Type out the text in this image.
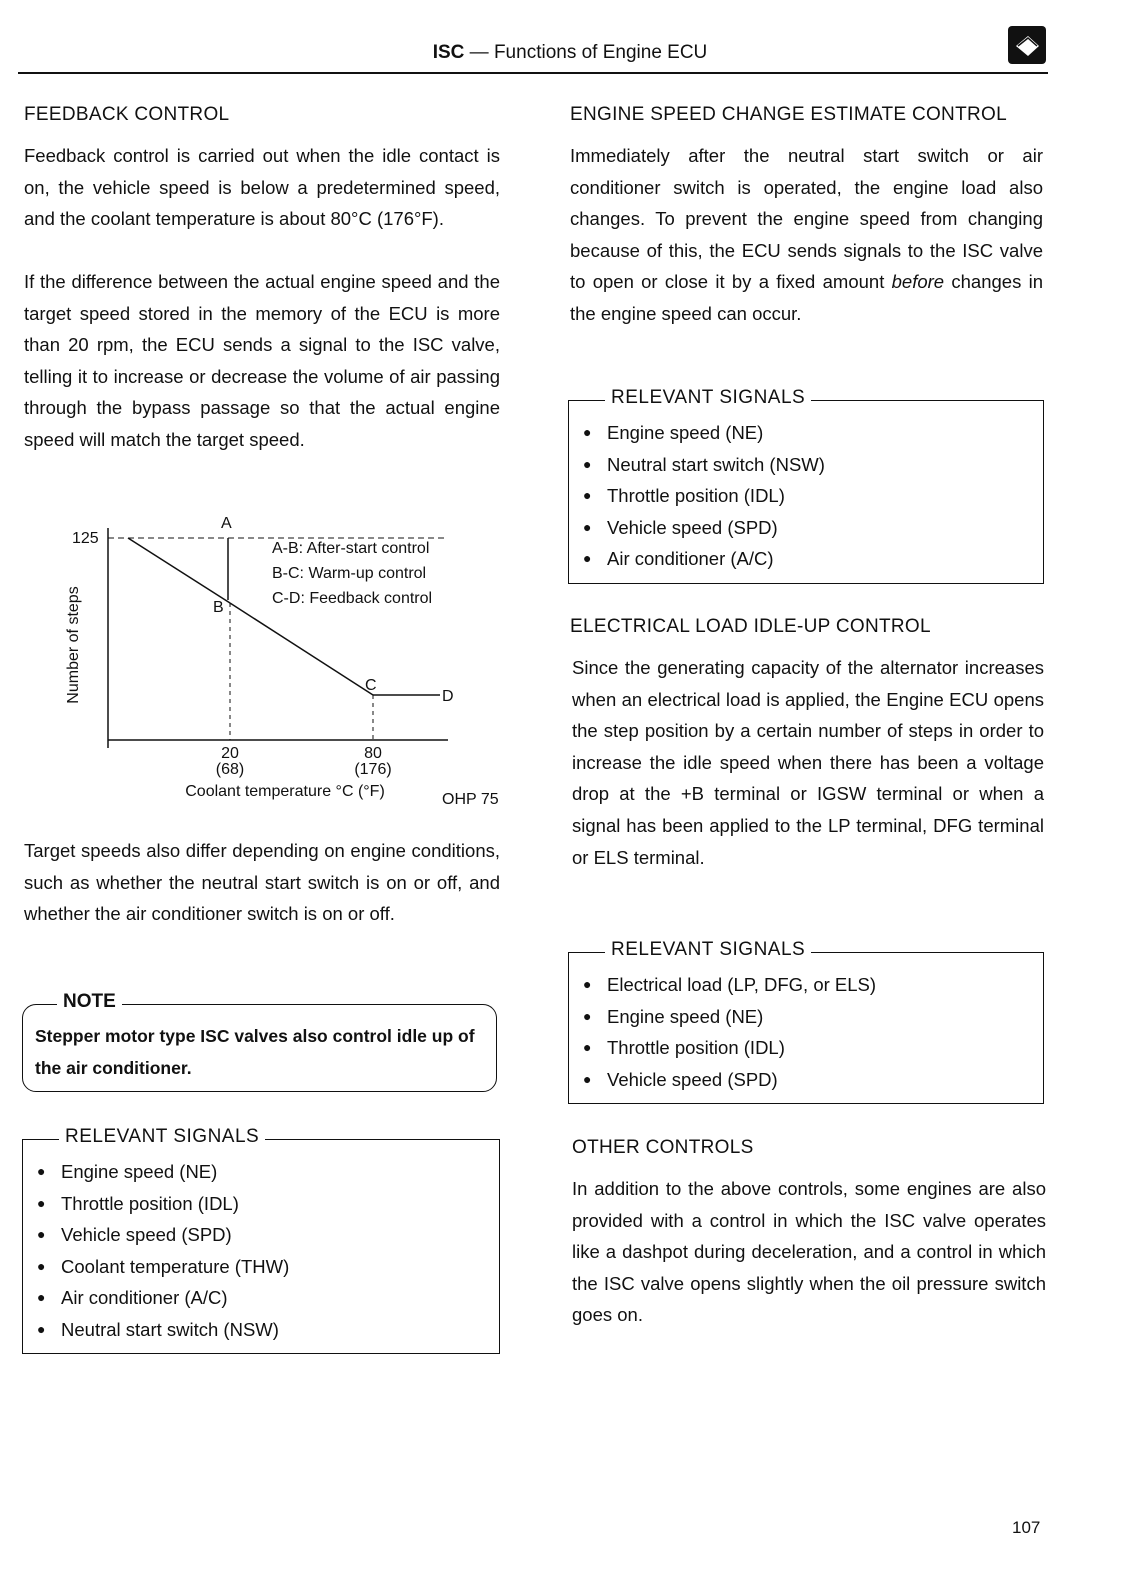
ISC — Functions of Engine ECU
FEEDBACK CONTROL
Feedback control is carried out when the idle contact is on, the vehicle speed is below a predetermined speed, and the coolant temperature is about 80°C (176°F).
If the difference between the actual engine speed and the target speed stored in the memory of the ECU is more than 20 rpm, the ECU sends a signal to the ISC valve, telling it to increase or decrease the volume of air passing through the bypass passage so that the actual engine speed will match the target speed.
125
A
B
C
D
A-B: After-start control
B-C: Warm-up control
C-D: Feedback control
20
(68)
80
(176)
Coolant temperature °C (°F)	OHP 75
Number of steps
Target speeds also differ depending on engine conditions, such as whether the neutral start switch is on or off, and whether the air conditioner switch is on or off.
NOTE
Stepper motor type ISC valves also control idle up of the air conditioner.
RELEVANT SIGNALS
● Engine speed (NE)
● Throttle position (IDL)
● Vehicle speed (SPD)
● Coolant temperature (THW)
● Air conditioner (A/C)
● Neutral start switch (NSW)
ENGINE SPEED CHANGE ESTIMATE CONTROL
Immediately after the neutral start switch or air conditioner switch is operated, the engine load also changes. To prevent the engine speed from changing because of this, the ECU sends signals to the ISC valve to open or close it by a fixed amount before changes in the engine speed can occur.
RELEVANT SIGNALS
● Engine speed (NE)
● Neutral start switch (NSW)
● Throttle position (IDL)
● Vehicle speed (SPD)
● Air conditioner (A/C)
ELECTRICAL LOAD IDLE-UP CONTROL
Since the generating capacity of the alternator increases when an electrical load is applied, the Engine ECU opens the step position by a certain number of steps in order to increase the idle speed when there has been a voltage drop at the +B terminal or IGSW terminal or when a signal has been applied to the LP terminal, DFG terminal or ELS terminal.
RELEVANT SIGNALS
● Electrical load (LP, DFG, or ELS)
● Engine speed (NE)
● Throttle position (IDL)
● Vehicle speed (SPD)
OTHER CONTROLS
In addition to the above controls, some engines are also provided with a control in which the ISC valve operates like a dashpot during deceleration, and a control in which the ISC valve opens slightly when the oil pressure switch goes on.
107
